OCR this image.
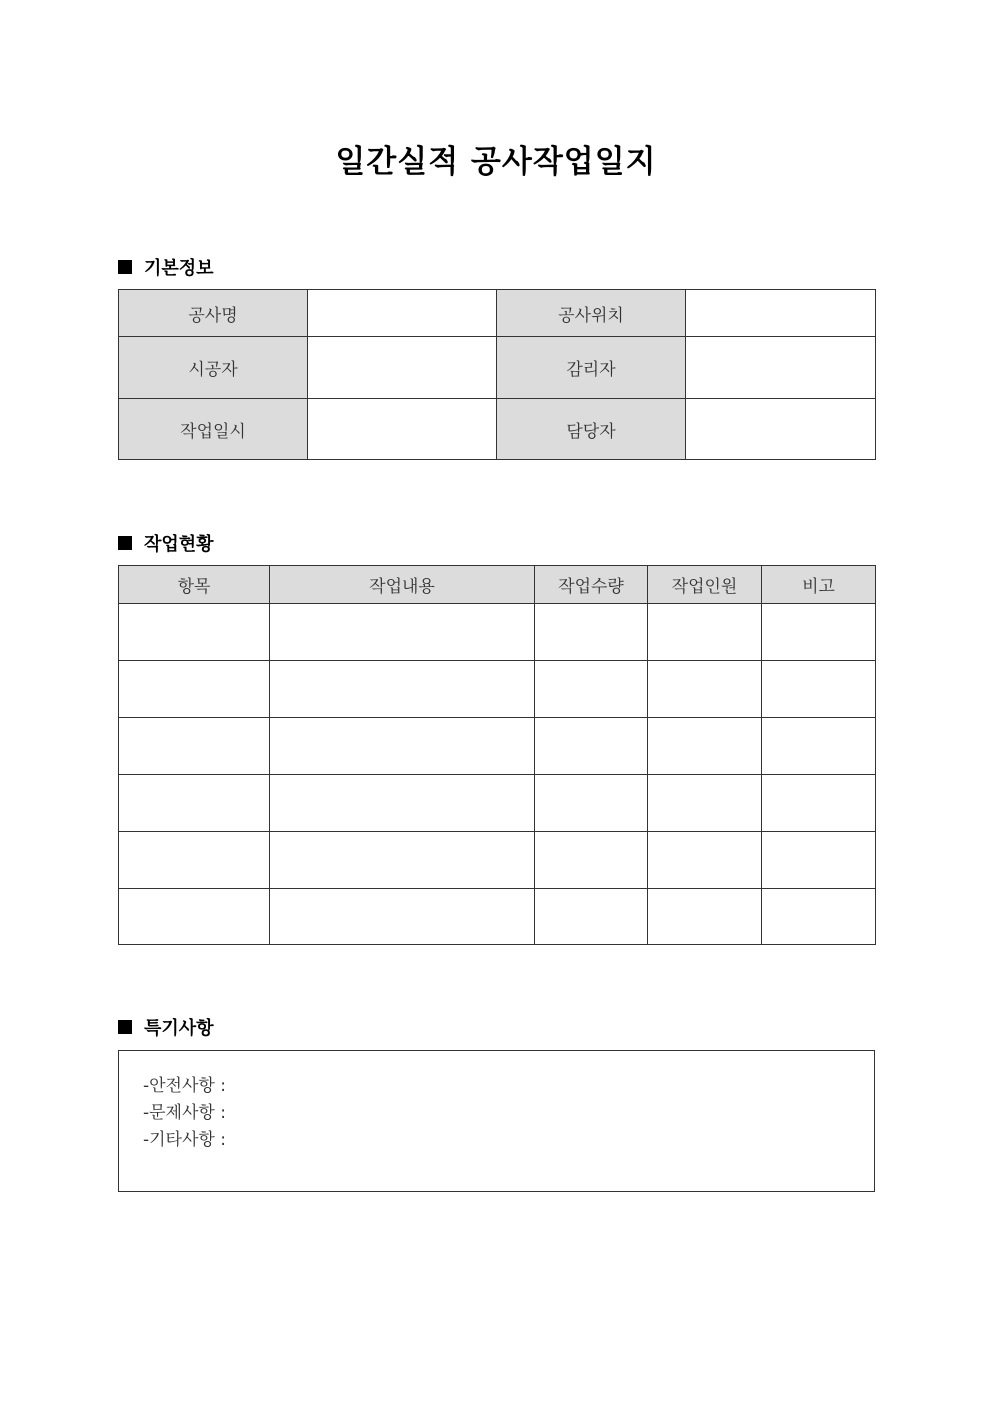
일간실적 공사작업일지
기본정보
공사명		공사위치	
시공자		감리자	
작업일시		담당자	
작업현황
항목	작업내용	작업수량	작업인원	비고

특기사항
-안전사항 :
-문제사항 :
-기타사항 :
